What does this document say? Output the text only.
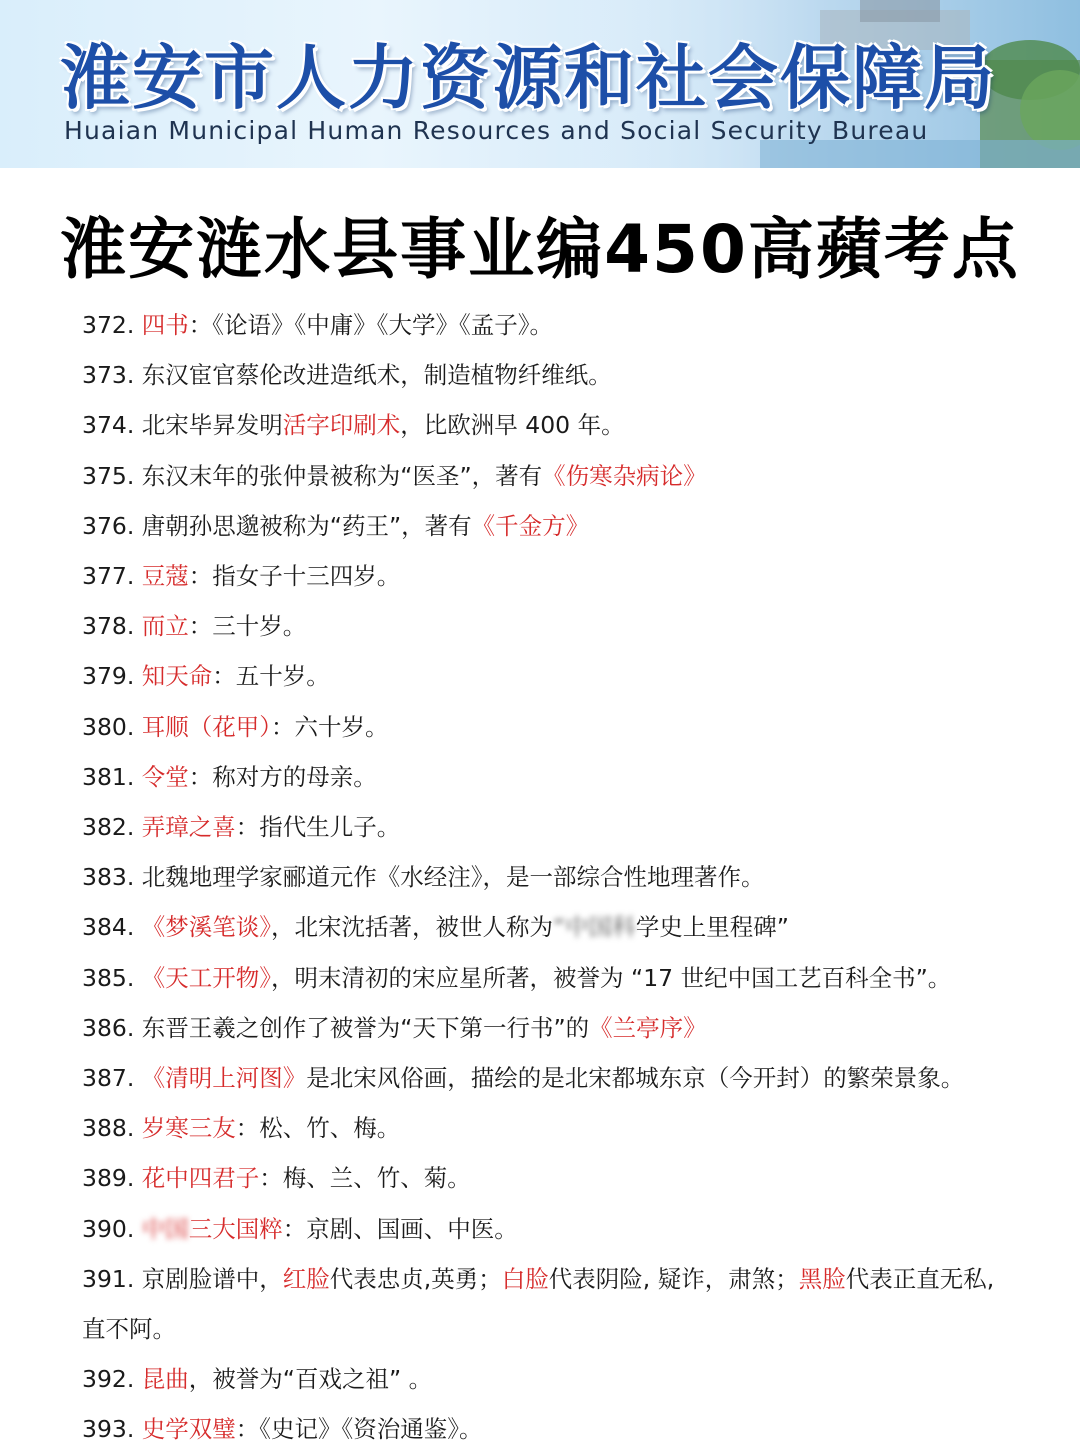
淮安市人力资源和社会保障局
Huaian Municipal Human Resources and Social Security Bureau
淮安涟水县事业编450高蘋考点
372. 四书：《论语》《中庸》《大学》《孟子》。
373. 东汉宦官蔡伦改进造纸术，制造植物纤维纸。
374. 北宋毕昇发明活字印刷术，比欧洲早 400 年。
375. 东汉末年的张仲景被称为“医圣”，著有《伤寒杂病论》
376. 唐朝孙思邈被称为“药王”，著有《千金方》
377. 豆蔻：指女子十三四岁。
378. 而立：三十岁。
379. 知天命：五十岁。
380. 耳顺（花甲）：六十岁。
381. 令堂：称对方的母亲。
382. 弄璋之喜：指代生儿子。
383. 北魏地理学家郦道元作《水经注》，是一部综合性地理著作。
384. 《梦溪笔谈》，北宋沈括著，被世人称为“中国科学史上里程碑”
385. 《天工开物》，明末清初的宋应星所著，被誉为 “17 世纪中国工艺百科全书”。
386. 东晋王羲之创作了被誉为“天下第一行书”的《兰亭序》
387. 《清明上河图》是北宋风俗画，描绘的是北宋都城东京（今开封）的繁荣景象。
388. 岁寒三友：松、竹、梅。
389. 花中四君子：梅、兰、竹、菊。
390. 中国三大国粹：京剧、国画、中医。
391. 京剧脸谱中，红脸代表忠贞,英勇；白脸代表阴险, 疑诈，肃煞；黑脸代表正直无私,
直不阿。
392. 昆曲，被誉为“百戏之祖” 。
393. 史学双璧：《史记》《资治通鉴》。
